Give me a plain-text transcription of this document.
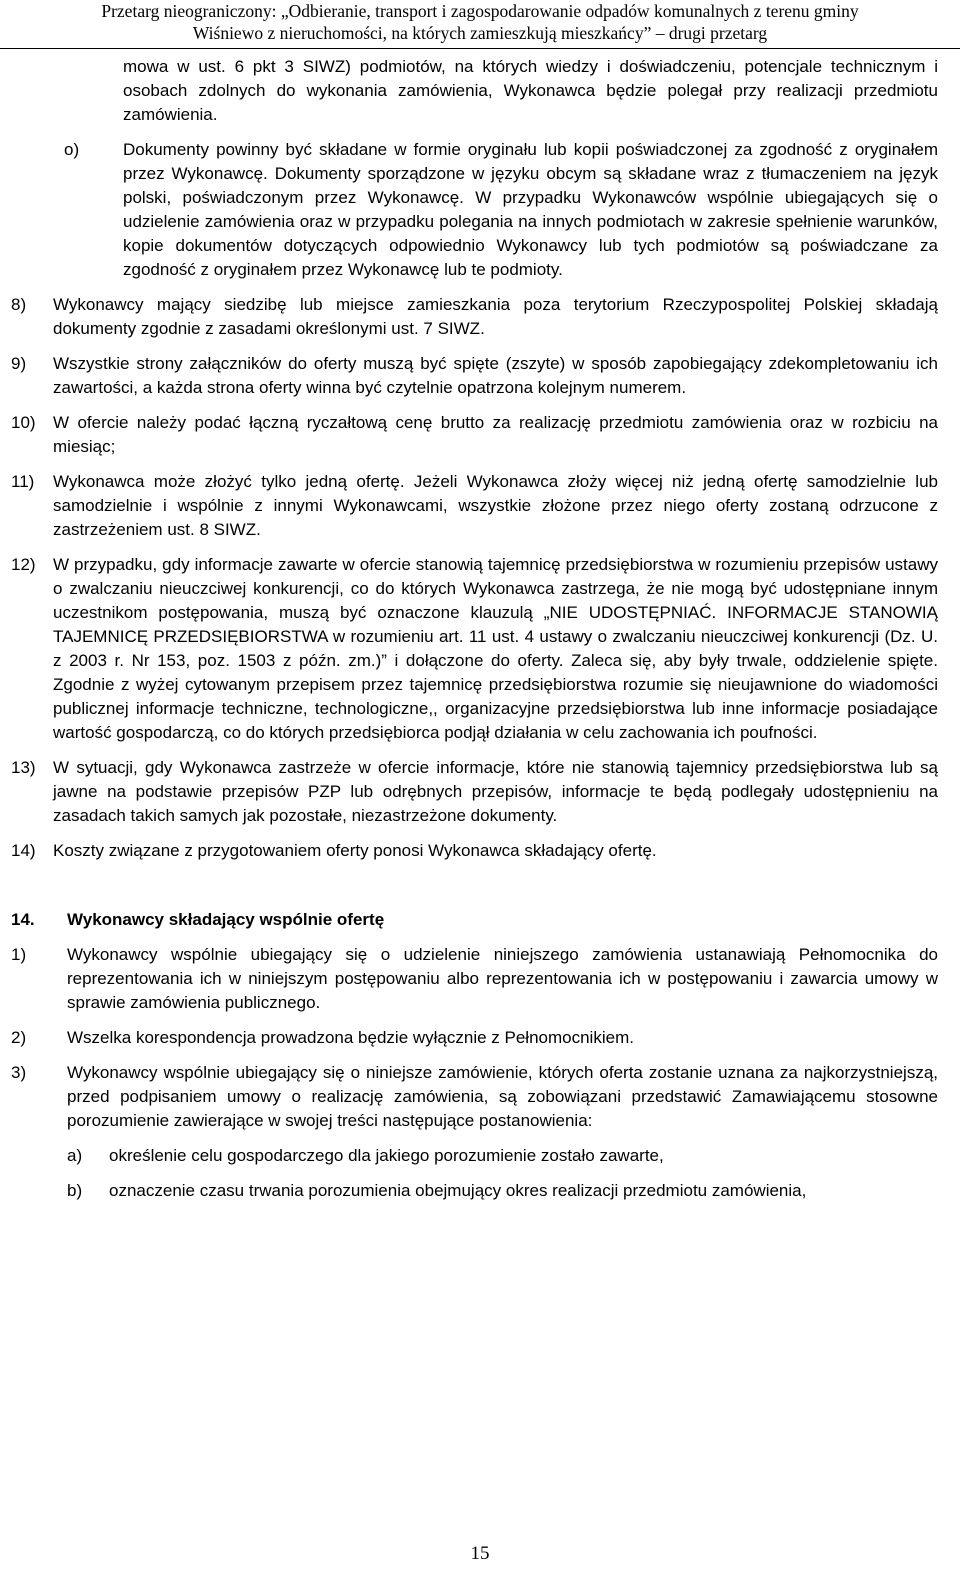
Przetarg nieograniczony: „Odbieranie, transport i zagospodarowanie odpadów komunalnych z terenu gminy
Wiśniewo z nieruchomości, na których zamieszkują mieszkańcy” – drugi przetarg

mowa w ust. 6 pkt 3 SIWZ) podmiotów, na których wiedzy i doświadczeniu, potencjale technicznym i osobach zdolnych do wykonania zamówienia, Wykonawca będzie polegał przy realizacji przedmiotu zamówienia.

o)	Dokumenty powinny być składane w formie oryginału lub kopii poświadczonej za zgodność z oryginałem przez Wykonawcę. Dokumenty sporządzone w języku obcym są składane wraz z tłumaczeniem na język polski, poświadczonym przez Wykonawcę. W przypadku Wykonawców wspólnie ubiegających się o udzielenie zamówienia oraz w przypadku polegania na innych podmiotach w zakresie spełnienie warunków, kopie dokumentów dotyczących odpowiednio Wykonawcy lub tych podmiotów są poświadczane za zgodność z oryginałem przez Wykonawcę lub te podmioty.
8) Wykonawcy mający siedzibę lub miejsce zamieszkania poza terytorium Rzeczypospolitej Polskiej składają dokumenty zgodnie z zasadami określonymi ust. 7 SIWZ.
9) Wszystkie strony załączników do oferty muszą być spięte (zszyte) w sposób zapobiegający zdekompletowaniu ich zawartości, a każda strona oferty winna być czytelnie opatrzona kolejnym numerem.
10) W ofercie należy podać łączną ryczałtową cenę brutto za realizację przedmiotu zamówienia oraz w rozbiciu na miesiąc;
11) Wykonawca może złożyć tylko jedną ofertę. Jeżeli Wykonawca złoży więcej niż jedną ofertę samodzielnie lub samodzielnie i wspólnie z innymi Wykonawcami, wszystkie złożone przez niego oferty zostaną odrzucone z zastrzeżeniem ust. 8 SIWZ.
12) W przypadku, gdy informacje zawarte w ofercie stanowią tajemnicę przedsiębiorstwa w rozumieniu przepisów ustawy o zwalczaniu nieuczciwej konkurencji, co do których Wykonawca zastrzega, że nie mogą być udostępniane innym uczestnikom postępowania, muszą być oznaczone klauzulą „NIE UDOSTĘPNIAĆ. INFORMACJE STANOWIĄ TAJEMNICĘ PRZEDSIĘBIORSTWA w rozumieniu art. 11 ust. 4 ustawy o zwalczaniu nieuczciwej konkurencji (Dz. U. z 2003 r. Nr 153, poz. 1503 z późn. zm.)” i dołączone do oferty. Zaleca się, aby były trwale, oddzielenie spięte. Zgodnie z wyżej cytowanym przepisem przez tajemnicę przedsiębiorstwa rozumie się nieujawnione do wiadomości publicznej informacje techniczne, technologiczne,, organizacyjne przedsiębiorstwa lub inne informacje posiadające wartość gospodarczą, co do których przedsiębiorca podjął działania w celu zachowania ich poufności.
13) W sytuacji, gdy Wykonawca zastrzeże w ofercie informacje, które nie stanowią tajemnicy przedsiębiorstwa lub są jawne na podstawie przepisów PZP lub odrębnych przepisów, informacje te będą podlegały udostępnieniu na zasadach takich samych jak pozostałe, niezastrzeżone dokumenty.
14) Koszty związane z przygotowaniem oferty ponosi Wykonawca składający ofertę.
14. Wykonawcy składający wspólnie ofertę
1) Wykonawcy wspólnie ubiegający się o udzielenie niniejszego zamówienia ustanawiają Pełnomocnika do reprezentowania ich w niniejszym postępowaniu albo reprezentowania ich w postępowaniu i zawarcia umowy w sprawie zamówienia publicznego.
2) Wszelka korespondencja prowadzona będzie wyłącznie z Pełnomocnikiem.
3) Wykonawcy wspólnie ubiegający się o niniejsze zamówienie, których oferta zostanie uznana za najkorzystniejszą, przed podpisaniem umowy o realizację zamówienia, są zobowiązani przedstawić Zamawiającemu stosowne porozumienie zawierające w swojej treści następujące postanowienia:
a) określenie celu gospodarczego dla jakiego porozumienie zostało zawarte,
b) oznaczenie czasu trwania porozumienia obejmujący okres realizacji przedmiotu zamówienia,
15
